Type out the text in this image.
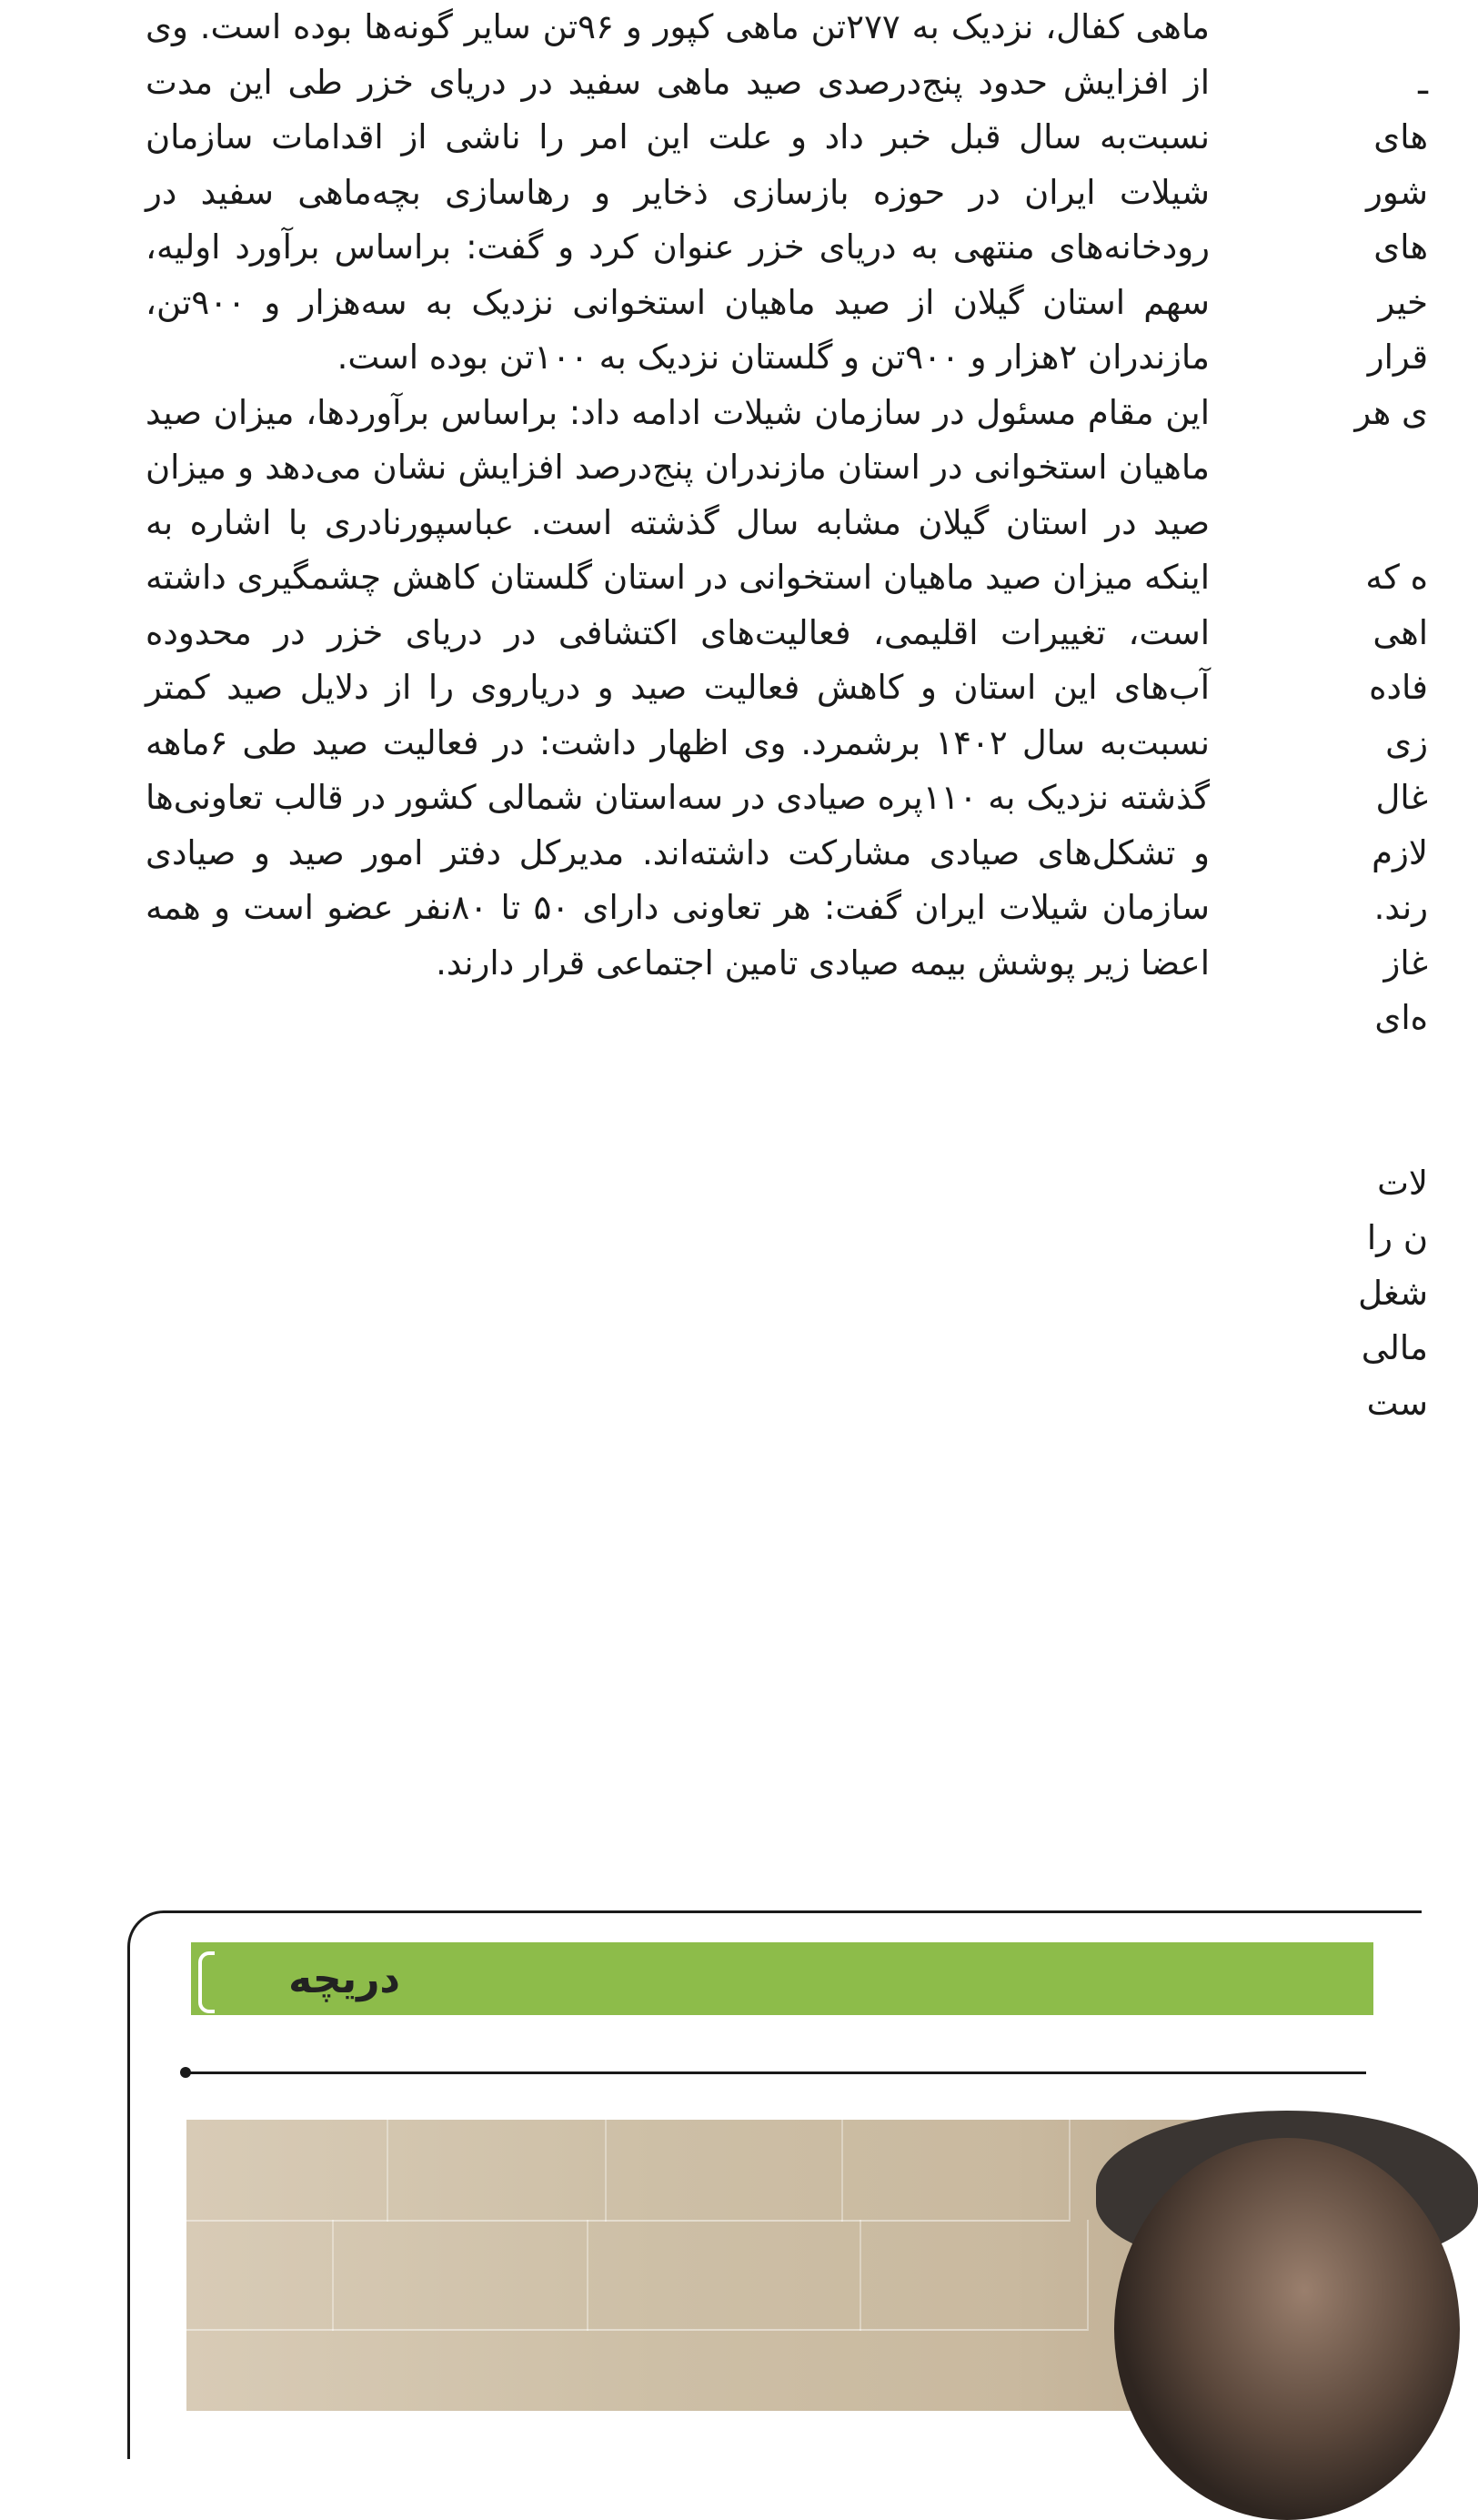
ماهی کفال، نزدیک به ۲۷۷تن ماهی کپور و ۹۶تن سایر گونه‌ها بوده است. وی از افزایش حدود پنج‌درصدی صید ماهی سفید در دریای خزر طی این مدت نسبت‌به سال قبل خبر داد و علت این امر را ناشی از اقدامات سازمان شیلات ایران در حوزه بازسازی ذخایر و رهاسازی بچه‌ماهی سفید در رودخانه‌های منتهی به دریای خزر عنوان کرد و گفت: براساس برآورد اولیه، سهم استان گیلان از صید ماهیان استخوانی نزدیک به سه‌هزار و ۹۰۰تن، مازندران ۲هزار و ۹۰۰تن و گلستان نزدیک به ۱۰۰تن بوده است.

این مقام مسئول در سازمان شیلات ادامه داد: براساس برآوردها، میزان صید ماهیان استخوانی در استان مازندران پنج‌درصد افزایش نشان می‌دهد و میزان صید در استان گیلان مشابه سال گذشته است. عباسپورنادری با اشاره به اینکه میزان صید ماهیان استخوانی در استان گلستان کاهش چشمگیری داشته است، تغییرات اقلیمی، فعالیت‌های اکتشافی در دریای خزر در محدوده آب‌های این استان و کاهش فعالیت صید و دریاروی را از دلایل صید کمتر نسبت‌به سال ۱۴۰۲ برشمرد. وی اظهار داشت: در فعالیت صید طی ۶ماهه گذشته نزدیک به ۱۱۰پره صیادی در سه‌استان شمالی کشور در قالب تعاونی‌ها و تشکل‌های صیادی مشارکت داشته‌اند. مدیرکل دفتر امور صید و صیادی سازمان شیلات ایران گفت: هر تعاونی دارای ۵۰ تا ۸۰نفر عضو است و همه اعضا زیر پوشش بیمه صیادی تامین اجتماعی قرار دارند.

ـ
های
شور
های
خیر
قرار
ی هر
ه که
اهی
فاده
زی
غال
لازم
رند.
غاز
ه‌ای
لات
ن را
شغل
مالی
ست
دریچه
